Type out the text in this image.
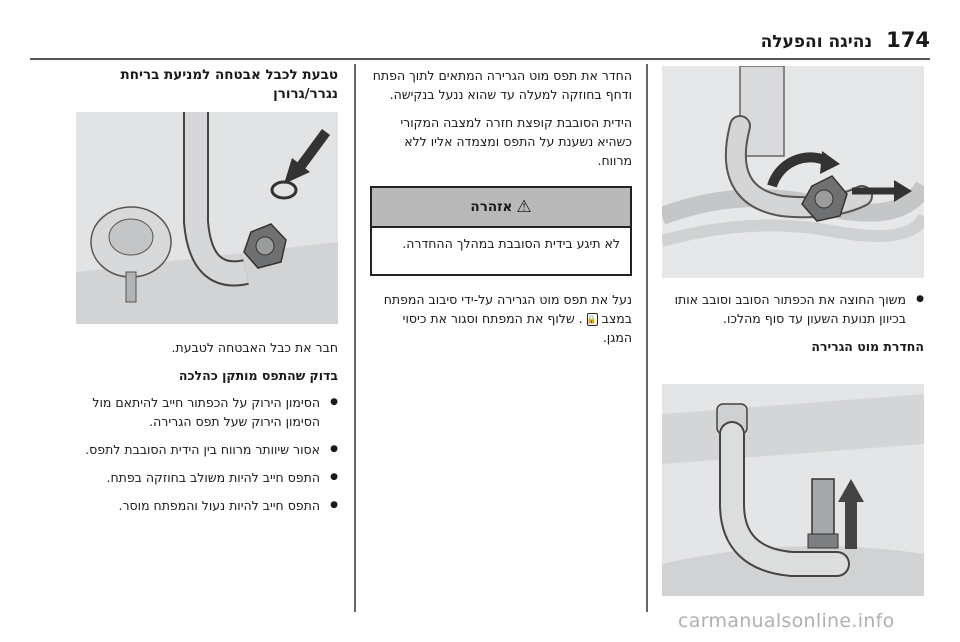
174
נהיגה והפעלה
● משוך החוצה את הכפתור הסובב וסובב אותו בכיוון תנועת השעון עד סוף מהלכו.
החדרת מוט הגרירה

החדר את תפס מוט הגרירה המתאים לתוך הפתח ודחף בחוזקה למעלה עד שהוא ננעל בנקישה.

הידית הסובבת קופצת חזרה למצבה המקורי כשהיא נשענת על התפס ומצמדה אליו ללא מרווח.

⚠
אזהרה
לא תיגע בידית הסובבת במהלך ההחדרה.

נעל את תפס מוט הגרירה על-ידי סיבוב המפתח במצב 🔒 . שלוף את המפתח וסגור את כיסוי המגן.

טבעת לכבל אבטחה למניעת בריחת נגרר/גרורן

חבר את כבל האבטחה לטבעת.

בדוק שהתפס מותקן כהלכה
● הסימון הירוק על הכפתור חייב להיתאם מול הסימון הירוק שעל תפס הגרירה.
● אסור שיוותר מרווח בין הידית הסובבת לתפס.
● התפס חייב להיות משולב בחוזקה בפתח.
● התפס חייב להיות נעול והמפתח מוסר.
carmanualsonline.info
